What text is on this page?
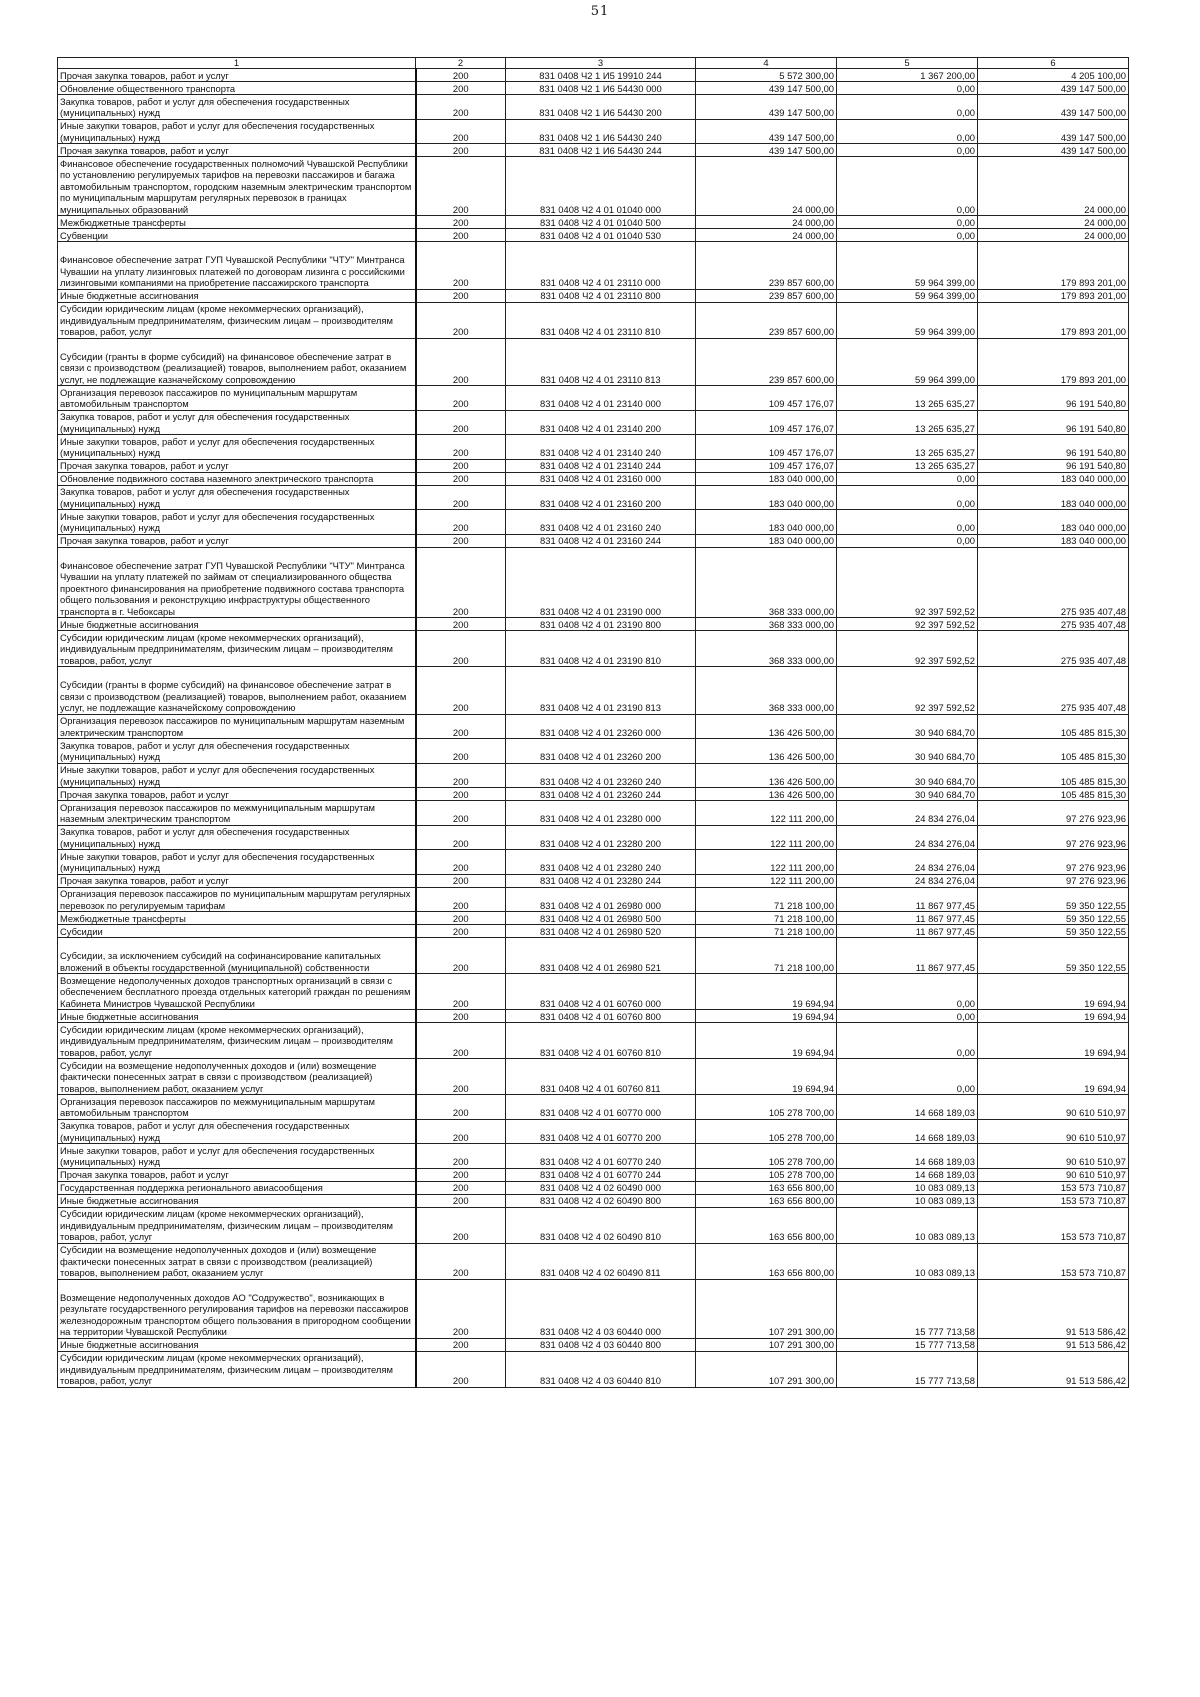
51
1	2	3	4	5	6
Прочая закупка товаров, работ и услуг	200	831 0408 Ч2 1 И5 19910 244	5 572 300,00	1 367 200,00	4 205 100,00
Обновление общественного транспорта	200	831 0408 Ч2 1 И6 54430 000	439 147 500,00	0,00	439 147 500,00
Закупка товаров, работ и услуг для обеспечения государственных (муниципальных) нужд	200	831 0408 Ч2 1 И6 54430 200	439 147 500,00	0,00	439 147 500,00
Иные закупки товаров, работ и услуг для обеспечения государственных (муниципальных) нужд	200	831 0408 Ч2 1 И6 54430 240	439 147 500,00	0,00	439 147 500,00
Прочая закупка товаров, работ и услуг	200	831 0408 Ч2 1 И6 54430 244	439 147 500,00	0,00	439 147 500,00
Финансовое обеспечение государственных полномочий Чувашской Республики по установлению регулируемых тарифов на перевозки пассажиров и багажа автомобильным транспортом, городским наземным электрическим транспортом по муниципальным маршрутам регулярных перевозок в границах муниципальных образований	200	831 0408 Ч2 4 01 01040 000	24 000,00	0,00	24 000,00
Межбюджетные трансферты	200	831 0408 Ч2 4 01 01040 500	24 000,00	0,00	24 000,00
Субвенции	200	831 0408 Ч2 4 01 01040 530	24 000,00	0,00	24 000,00
Финансовое обеспечение затрат ГУП Чувашской Республики "ЧТУ" Минтранса Чувашии на уплату лизинговых платежей по договорам лизинга с российскими лизинговыми компаниями на приобретение пассажирского транспорта	200	831 0408 Ч2 4 01 23110 000	239 857 600,00	59 964 399,00	179 893 201,00
Иные бюджетные ассигнования	200	831 0408 Ч2 4 01 23110 800	239 857 600,00	59 964 399,00	179 893 201,00
Субсидии юридическим лицам (кроме некоммерческих организаций), индивидуальным предпринимателям, физическим лицам – производителям товаров, работ, услуг	200	831 0408 Ч2 4 01 23110 810	239 857 600,00	59 964 399,00	179 893 201,00
Субсидии (гранты в форме субсидий) на финансовое обеспечение затрат в связи с производством (реализацией) товаров, выполнением работ, оказанием услуг, не подлежащие казначейскому сопровождению	200	831 0408 Ч2 4 01 23110 813	239 857 600,00	59 964 399,00	179 893 201,00
Организация перевозок пассажиров по муниципальным маршрутам автомобильным транспортом	200	831 0408 Ч2 4 01 23140 000	109 457 176,07	13 265 635,27	96 191 540,80
Закупка товаров, работ и услуг для обеспечения государственных (муниципальных) нужд	200	831 0408 Ч2 4 01 23140 200	109 457 176,07	13 265 635,27	96 191 540,80
Иные закупки товаров, работ и услуг для обеспечения государственных (муниципальных) нужд	200	831 0408 Ч2 4 01 23140 240	109 457 176,07	13 265 635,27	96 191 540,80
Прочая закупка товаров, работ и услуг	200	831 0408 Ч2 4 01 23140 244	109 457 176,07	13 265 635,27	96 191 540,80
Обновление подвижного состава наземного электрического транспорта	200	831 0408 Ч2 4 01 23160 000	183 040 000,00	0,00	183 040 000,00
Закупка товаров, работ и услуг для обеспечения государственных (муниципальных) нужд	200	831 0408 Ч2 4 01 23160 200	183 040 000,00	0,00	183 040 000,00
Иные закупки товаров, работ и услуг для обеспечения государственных (муниципальных) нужд	200	831 0408 Ч2 4 01 23160 240	183 040 000,00	0,00	183 040 000,00
Прочая закупка товаров, работ и услуг	200	831 0408 Ч2 4 01 23160 244	183 040 000,00	0,00	183 040 000,00
Финансовое обеспечение затрат ГУП Чувашской Республики "ЧТУ" Минтранса Чувашии на уплату платежей по займам от специализированного общества проектного финансирования на приобретение подвижного состава транспорта общего пользования и реконструкцию инфраструктуры общественного транспорта в г. Чебоксары	200	831 0408 Ч2 4 01 23190 000	368 333 000,00	92 397 592,52	275 935 407,48
Иные бюджетные ассигнования	200	831 0408 Ч2 4 01 23190 800	368 333 000,00	92 397 592,52	275 935 407,48
Субсидии юридическим лицам (кроме некоммерческих организаций), индивидуальным предпринимателям, физическим лицам – производителям товаров, работ, услуг	200	831 0408 Ч2 4 01 23190 810	368 333 000,00	92 397 592,52	275 935 407,48
Субсидии (гранты в форме субсидий) на финансовое обеспечение затрат в связи с производством (реализацией) товаров, выполнением работ, оказанием услуг, не подлежащие казначейскому сопровождению	200	831 0408 Ч2 4 01 23190 813	368 333 000,00	92 397 592,52	275 935 407,48
Организация перевозок пассажиров по муниципальным маршрутам наземным электрическим транспортом	200	831 0408 Ч2 4 01 23260 000	136 426 500,00	30 940 684,70	105 485 815,30
Закупка товаров, работ и услуг для обеспечения государственных (муниципальных) нужд	200	831 0408 Ч2 4 01 23260 200	136 426 500,00	30 940 684,70	105 485 815,30
Иные закупки товаров, работ и услуг для обеспечения государственных (муниципальных) нужд	200	831 0408 Ч2 4 01 23260 240	136 426 500,00	30 940 684,70	105 485 815,30
Прочая закупка товаров, работ и услуг	200	831 0408 Ч2 4 01 23260 244	136 426 500,00	30 940 684,70	105 485 815,30
Организация перевозок пассажиров по межмуниципальным маршрутам наземным электрическим транспортом	200	831 0408 Ч2 4 01 23280 000	122 111 200,00	24 834 276,04	97 276 923,96
Закупка товаров, работ и услуг для обеспечения государственных (муниципальных) нужд	200	831 0408 Ч2 4 01 23280 200	122 111 200,00	24 834 276,04	97 276 923,96
Иные закупки товаров, работ и услуг для обеспечения государственных (муниципальных) нужд	200	831 0408 Ч2 4 01 23280 240	122 111 200,00	24 834 276,04	97 276 923,96
Прочая закупка товаров, работ и услуг	200	831 0408 Ч2 4 01 23280 244	122 111 200,00	24 834 276,04	97 276 923,96
Организация перевозок пассажиров по муниципальным маршрутам регулярных перевозок по регулируемым тарифам	200	831 0408 Ч2 4 01 26980 000	71 218 100,00	11 867 977,45	59 350 122,55
Межбюджетные трансферты	200	831 0408 Ч2 4 01 26980 500	71 218 100,00	11 867 977,45	59 350 122,55
Субсидии	200	831 0408 Ч2 4 01 26980 520	71 218 100,00	11 867 977,45	59 350 122,55
Субсидии, за исключением субсидий на софинансирование капитальных вложений в объекты государственной (муниципальной) собственности	200	831 0408 Ч2 4 01 26980 521	71 218 100,00	11 867 977,45	59 350 122,55
Возмещение недополученных доходов транспортных организаций в связи с обеспечением бесплатного проезда отдельных категорий граждан по решениям Кабинета Министров Чувашской Республики	200	831 0408 Ч2 4 01 60760 000	19 694,94	0,00	19 694,94
Иные бюджетные ассигнования	200	831 0408 Ч2 4 01 60760 800	19 694,94	0,00	19 694,94
Субсидии юридическим лицам (кроме некоммерческих организаций), индивидуальным предпринимателям, физическим лицам – производителям товаров, работ, услуг	200	831 0408 Ч2 4 01 60760 810	19 694,94	0,00	19 694,94
Субсидии на возмещение недополученных доходов и (или) возмещение фактически понесенных затрат в связи с производством (реализацией) товаров, выполнением работ, оказанием услуг	200	831 0408 Ч2 4 01 60760 811	19 694,94	0,00	19 694,94
Организация перевозок пассажиров по межмуниципальным маршрутам автомобильным транспортом	200	831 0408 Ч2 4 01 60770 000	105 278 700,00	14 668 189,03	90 610 510,97
Закупка товаров, работ и услуг для обеспечения государственных (муниципальных) нужд	200	831 0408 Ч2 4 01 60770 200	105 278 700,00	14 668 189,03	90 610 510,97
Иные закупки товаров, работ и услуг для обеспечения государственных (муниципальных) нужд	200	831 0408 Ч2 4 01 60770 240	105 278 700,00	14 668 189,03	90 610 510,97
Прочая закупка товаров, работ и услуг	200	831 0408 Ч2 4 01 60770 244	105 278 700,00	14 668 189,03	90 610 510,97
Государственная поддержка регионального авиасообщения	200	831 0408 Ч2 4 02 60490 000	163 656 800,00	10 083 089,13	153 573 710,87
Иные бюджетные ассигнования	200	831 0408 Ч2 4 02 60490 800	163 656 800,00	10 083 089,13	153 573 710,87
Субсидии юридическим лицам (кроме некоммерческих организаций), индивидуальным предпринимателям, физическим лицам – производителям товаров, работ, услуг	200	831 0408 Ч2 4 02 60490 810	163 656 800,00	10 083 089,13	153 573 710,87
Субсидии на возмещение недополученных доходов и (или) возмещение фактически понесенных затрат в связи с производством (реализацией) товаров, выполнением работ, оказанием услуг	200	831 0408 Ч2 4 02 60490 811	163 656 800,00	10 083 089,13	153 573 710,87
Возмещение недополученных доходов АО "Содружество", возникающих в результате государственного регулирования тарифов на перевозки пассажиров железнодорожным транспортом общего пользования в пригородном сообщении на территории Чувашской Республики	200	831 0408 Ч2 4 03 60440 000	107 291 300,00	15 777 713,58	91 513 586,42
Иные бюджетные ассигнования	200	831 0408 Ч2 4 03 60440 800	107 291 300,00	15 777 713,58	91 513 586,42
Субсидии юридическим лицам (кроме некоммерческих организаций), индивидуальным предпринимателям, физическим лицам – производителям товаров, работ, услуг	200	831 0408 Ч2 4 03 60440 810	107 291 300,00	15 777 713,58	91 513 586,42
